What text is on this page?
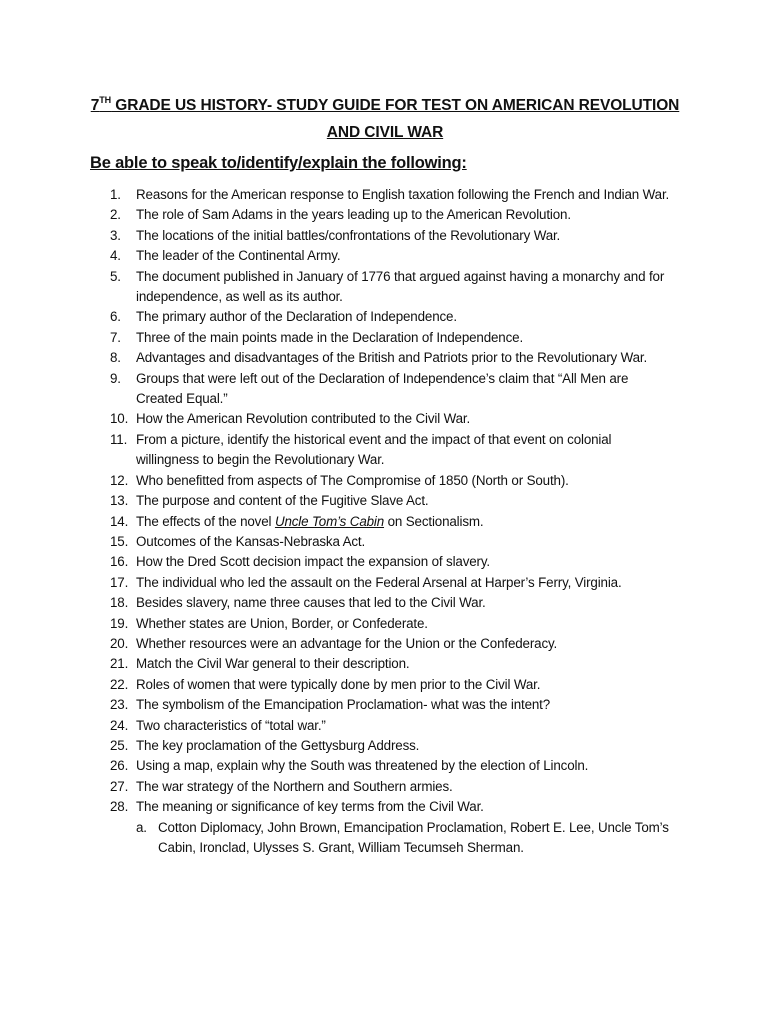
7TH GRADE US HISTORY- STUDY GUIDE FOR TEST ON AMERICAN REVOLUTION
AND CIVIL WAR
Be able to speak to/identify/explain the following:
1.	Reasons for the American response to English taxation following the French and Indian War.
2.	The role of Sam Adams in the years leading up to the American Revolution.
3.	The locations of the initial battles/confrontations of the Revolutionary War.
4.	The leader of the Continental Army.
5.	The document published in January of 1776 that argued against having a monarchy and for independence, as well as its author.
6.	The primary author of the Declaration of Independence.
7.	Three of the main points made in the Declaration of Independence.
8.	Advantages and disadvantages of the British and Patriots prior to the Revolutionary War.
9.	Groups that were left out of the Declaration of Independence’s claim that “All Men are Created Equal.”
10. How the American Revolution contributed to the Civil War.
11. From a picture, identify the historical event and the impact of that event on colonial willingness to begin the Revolutionary War.
12. Who benefitted from aspects of The Compromise of 1850 (North or South).
13. The purpose and content of the Fugitive Slave Act.
14. The effects of the novel Uncle Tom’s Cabin on Sectionalism.
15. Outcomes of the Kansas-Nebraska Act.
16. How the Dred Scott decision impact the expansion of slavery.
17. The individual who led the assault on the Federal Arsenal at Harper’s Ferry, Virginia.
18. Besides slavery, name three causes that led to the Civil War.
19. Whether states are Union, Border, or Confederate.
20. Whether resources were an advantage for the Union or the Confederacy.
21. Match the Civil War general to their description.
22. Roles of women that were typically done by men prior to the Civil War.
23. The symbolism of the Emancipation Proclamation- what was the intent?
24. Two characteristics of “total war.”
25. The key proclamation of the Gettysburg Address.
26. Using a map, explain why the South was threatened by the election of Lincoln.
27. The war strategy of the Northern and Southern armies.
28. The meaning or significance of key terms from the Civil War.
a. Cotton Diplomacy, John Brown, Emancipation Proclamation, Robert E. Lee, Uncle Tom’s Cabin, Ironclad, Ulysses S. Grant, William Tecumseh Sherman.
